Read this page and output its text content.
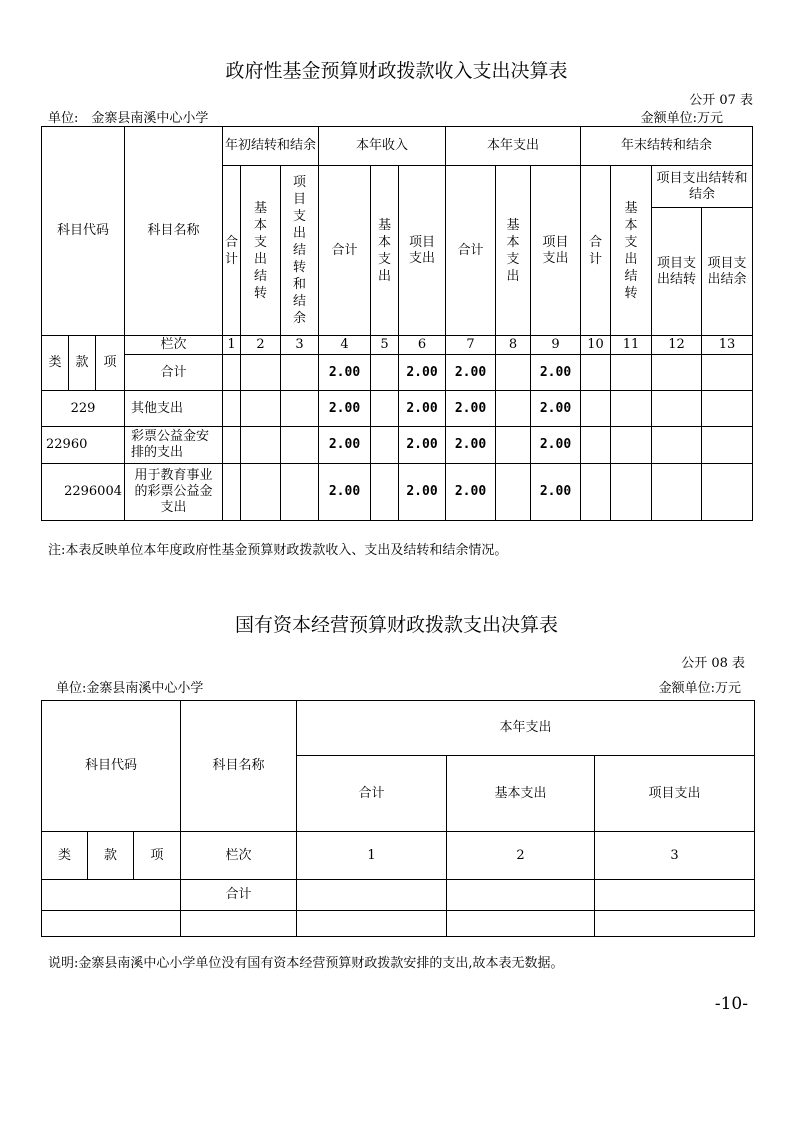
政府性基金预算财政拨款收入支出决算表
公开 07 表
单位:　金寨县南溪中心小学	金额单位:万元
科目代码			科目名称	年初结转和结余			本年收入			本年支出			年末结转和结余			
				合计	基本支出结转	项目支出结转和结余	合计	基本支出	项目支出	合计	基本支出	项目支出	合计	基本支出结转	项目支出结转和结余	
															项目支出结转	项目支出结余
类	款	项	栏次	1	2	3	4	5	6	7	8	9	10	11	12	13
			合计				2.00		2.00	2.00		2.00				
229			其他支出				2.00		2.00	2.00		2.00				
22960			彩票公益金安排的支出				2.00		2.00	2.00		2.00				
2296004			用于教育事业的彩票公益金支出				2.00		2.00	2.00		2.00				
注:本表反映单位本年度政府性基金预算财政拨款收入、支出及结转和结余情况。
国有资本经营预算财政拨款支出决算表
公开 08 表
单位:金寨县南溪中心小学	金额单位:万元
科目代码			科目名称	本年支出		
				合计	基本支出	项目支出
类	款	项	栏次	1	2	3
			合计			

说明:金寨县南溪中心小学单位没有国有资本经营预算财政拨款安排的支出,故本表无数据。
-10-
